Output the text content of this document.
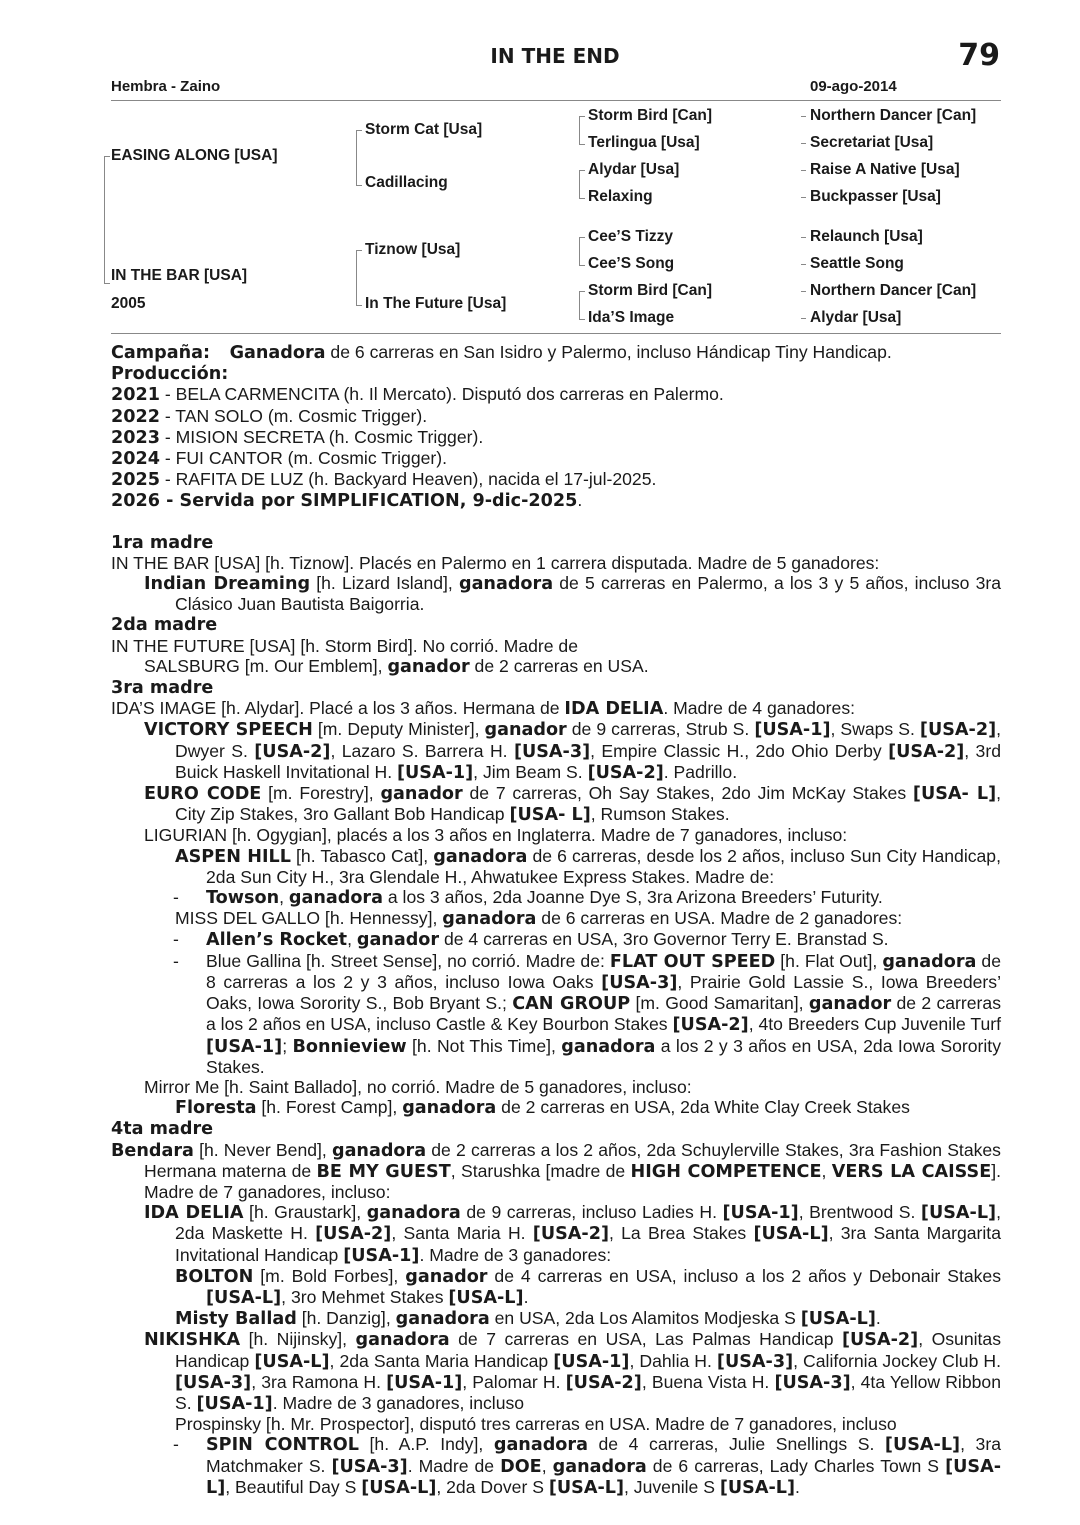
IN THE END	79
Hembra - Zaino	09-ago-2014
EASING ALONG [USA]
IN THE BAR [USA]
2005
Storm Cat [Usa]
Cadillacing
Tiznow [Usa]
In The Future [Usa]
Storm Bird [Can]
Terlingua [Usa]
Alydar [Usa]
Relaxing
Cee’S Tizzy
Cee’S Song
Storm Bird [Can]
Ida’S Image
Northern Dancer [Can]
Secretariat [Usa]
Raise A Native [Usa]
Buckpasser [Usa]
Relaunch [Usa]
Seattle Song
Northern Dancer [Can]
Alydar [Usa]

Campaña: Ganadora de 6 carreras en San Isidro y Palermo, incluso Hándicap Tiny Handicap.

Producción:

2021 - BELA CARMENCITA (h. Il Mercato). Disputó dos carreras en Palermo.

2022 - TAN SOLO (m. Cosmic Trigger).

2023 - MISION SECRETA (h. Cosmic Trigger).

2024 - FUI CANTOR (m. Cosmic Trigger).

2025 - RAFITA DE LUZ (h. Backyard Heaven), nacida el 17-jul-2025.

2026 - Servida por SIMPLIFICATION, 9-dic-2025.

1ra madre

IN THE BAR [USA] [h. Tiznow]. Placés en Palermo en 1 carrera disputada. Madre de 5 ganadores:

Indian Dreaming [h. Lizard Island], ganadora de 5 carreras en Palermo, a los 3 y 5 años, incluso 3ra Clásico Juan Bautista Baigorria.

2da madre

IN THE FUTURE [USA] [h. Storm Bird]. No corrió. Madre de

SALSBURG [m. Our Emblem], ganador de 2 carreras en USA.

3ra madre

IDA’S IMAGE [h. Alydar]. Placé a los 3 años. Hermana de IDA DELIA. Madre de 4 ganadores:

VICTORY SPEECH [m. Deputy Minister], ganador de 9 carreras, Strub S. [USA-1], Swaps S. [USA-2], Dwyer S. [USA-2], Lazaro S. Barrera H. [USA-3], Empire Classic H., 2do Ohio Derby [USA-2], 3rd Buick Haskell Invitational H. [USA-1], Jim Beam S. [USA-2]. Padrillo.

EURO CODE [m. Forestry], ganador de 7 carreras, Oh Say Stakes, 2do Jim McKay Stakes [USA- L], City Zip Stakes, 3ro Gallant Bob Handicap [USA- L], Rumson Stakes.

LIGURIAN [h. Ogygian], placés a los 3 años en Inglaterra. Madre de 7 ganadores, incluso:

ASPEN HILL [h. Tabasco Cat], ganadora de 6 carreras, desde los 2 años, incluso Sun City Handicap, 2da Sun City H., 3ra Glendale H., Ahwatukee Express Stakes. Madre de:

- Towson, ganadora a los 3 años, 2da Joanne Dye S, 3ra Arizona Breeders’ Futurity.

MISS DEL GALLO [h. Hennessy], ganadora de 6 carreras en USA. Madre de 2 ganadores:

- Allen’s Rocket, ganador de 4 carreras en USA, 3ro Governor Terry E. Branstad S.

- Blue Gallina [h. Street Sense], no corrió. Madre de: FLAT OUT SPEED [h. Flat Out], ganadora de 8 carreras a los 2 y 3 años, incluso Iowa Oaks [USA-3], Prairie Gold Lassie S., Iowa Breeders’ Oaks, Iowa Sorority S., Bob Bryant S.; CAN GROUP [m. Good Samaritan], ganador de 2 carreras a los 2 años en USA, incluso Castle & Key Bourbon Stakes [USA-2], 4to Breeders Cup Juvenile Turf [USA-1]; Bonnieview [h. Not This Time], ganadora a los 2 y 3 años en USA, 2da Iowa Sorority Stakes.

Mirror Me [h. Saint Ballado], no corrió. Madre de 5 ganadores, incluso:

Floresta [h. Forest Camp], ganadora de 2 carreras en USA, 2da White Clay Creek Stakes

4ta madre

Bendara [h. Never Bend], ganadora de 2 carreras a los 2 años, 2da Schuylerville Stakes, 3ra Fashion Stakes Hermana materna de BE MY GUEST, Starushka [madre de HIGH COMPETENCE, VERS LA CAISSE]. Madre de 7 ganadores, incluso:

IDA DELIA [h. Graustark], ganadora de 9 carreras, incluso Ladies H. [USA-1], Brentwood S. [USA-L], 2da Maskette H. [USA-2], Santa Maria H. [USA-2], La Brea Stakes [USA-L], 3ra Santa Margarita Invitational Handicap [USA-1]. Madre de 3 ganadores:

BOLTON [m. Bold Forbes], ganador de 4 carreras en USA, incluso a los 2 años y Debonair Stakes [USA-L], 3ro Mehmet Stakes [USA-L].

Misty Ballad [h. Danzig], ganadora en USA, 2da Los Alamitos Modjeska S [USA-L].

NIKISHKA [h. Nijinsky], ganadora de 7 carreras en USA, Las Palmas Handicap [USA-2], Osunitas Handicap [USA-L], 2da Santa Maria Handicap [USA-1], Dahlia H. [USA-3], California Jockey Club H. [USA-3], 3ra Ramona H. [USA-1], Palomar H. [USA-2], Buena Vista H. [USA-3], 4ta Yellow Ribbon S. [USA-1]. Madre de 3 ganadores, incluso

Prospinsky [h. Mr. Prospector], disputó tres carreras en USA. Madre de 7 ganadores, incluso

- SPIN CONTROL [h. A.P. Indy], ganadora de 4 carreras, Julie Snellings S. [USA-L], 3ra Matchmaker S. [USA-3]. Madre de DOE, ganadora de 6 carreras, Lady Charles Town S [USA-L], Beautiful Day S [USA-L], 2da Dover S [USA-L], Juvenile S [USA-L].
